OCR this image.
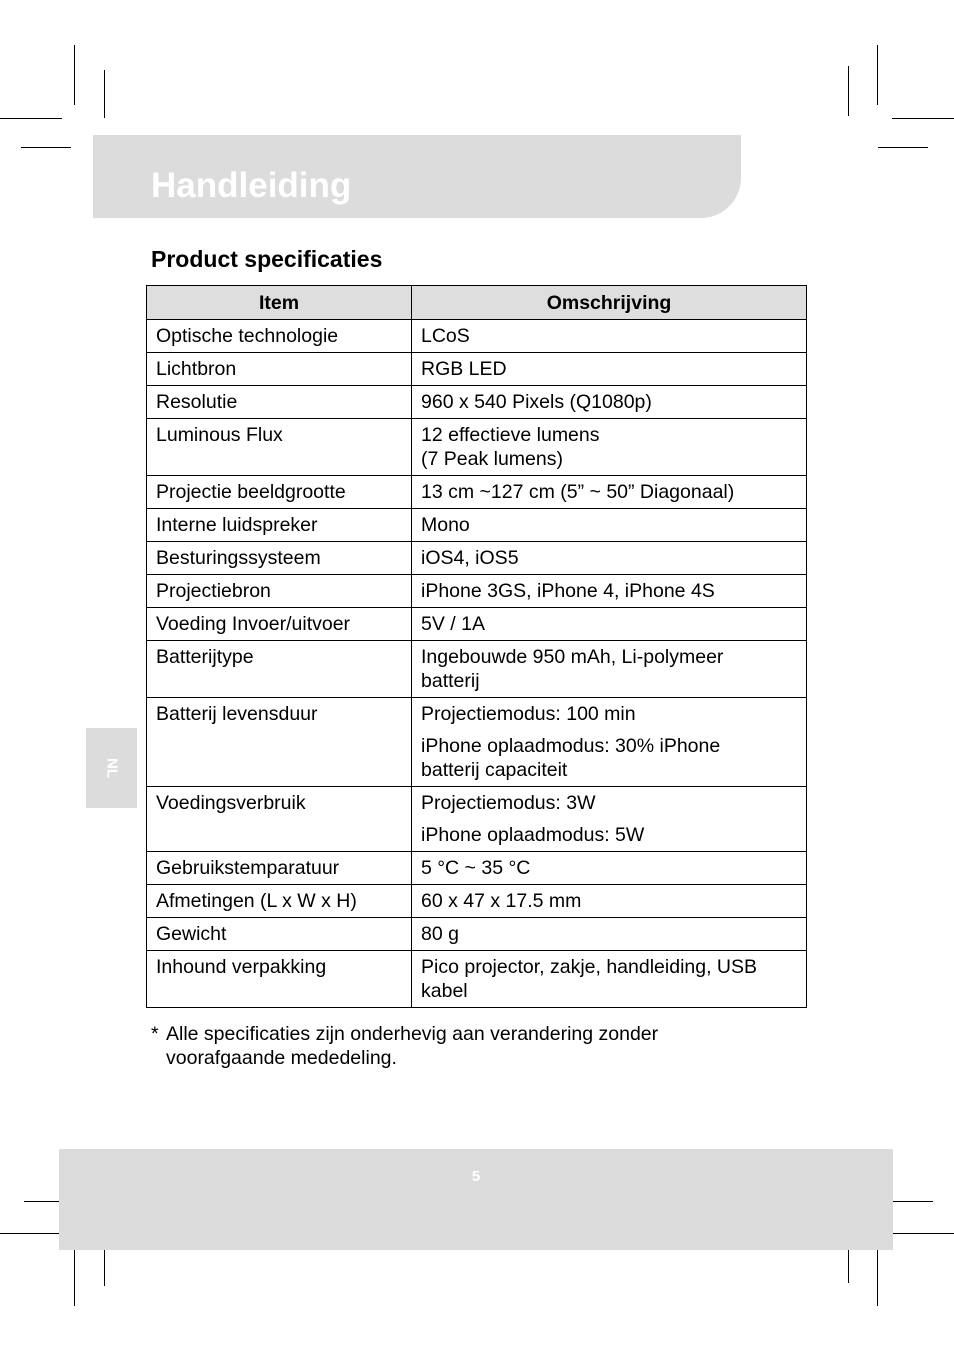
Handleiding
Product specificaties
Item	Omschrijving
Optische technologie	LCoS

Lichtbron	RGB LED

Resolutie	960 x 540 Pixels (Q1080p)

Luminous Flux	12 effectieve lumens
(7 Peak lumens)

Projectie beeldgrootte	13 cm ~127 cm (5” ~ 50” Diagonaal)

Interne luidspreker	Mono

Besturingssysteem	iOS4, iOS5

Projectiebron	iPhone 3GS, iPhone 4, iPhone 4S

Voeding Invoer/uitvoer	5V / 1A

Batterijtype	Ingebouwde 950 mAh, Li-polymeer
batterij

Batterij levensduur	Projectiemodus: 100 min
iPhone oplaadmodus: 30% iPhone
batterij capaciteit

Voedingsverbruik	Projectiemodus: 3W
iPhone oplaadmodus: 5W

Gebruikstemparatuur	5 °C ~ 35 °C

Afmetingen (L x W x H)	60 x 47 x 17.5 mm

Gewicht	80 g

Inhound verpakking	Pico projector, zakje, handleiding, USB
kabel
* Alle specificaties zijn onderhevig aan verandering zonder
voorafgaande mededeling.
NL
5
